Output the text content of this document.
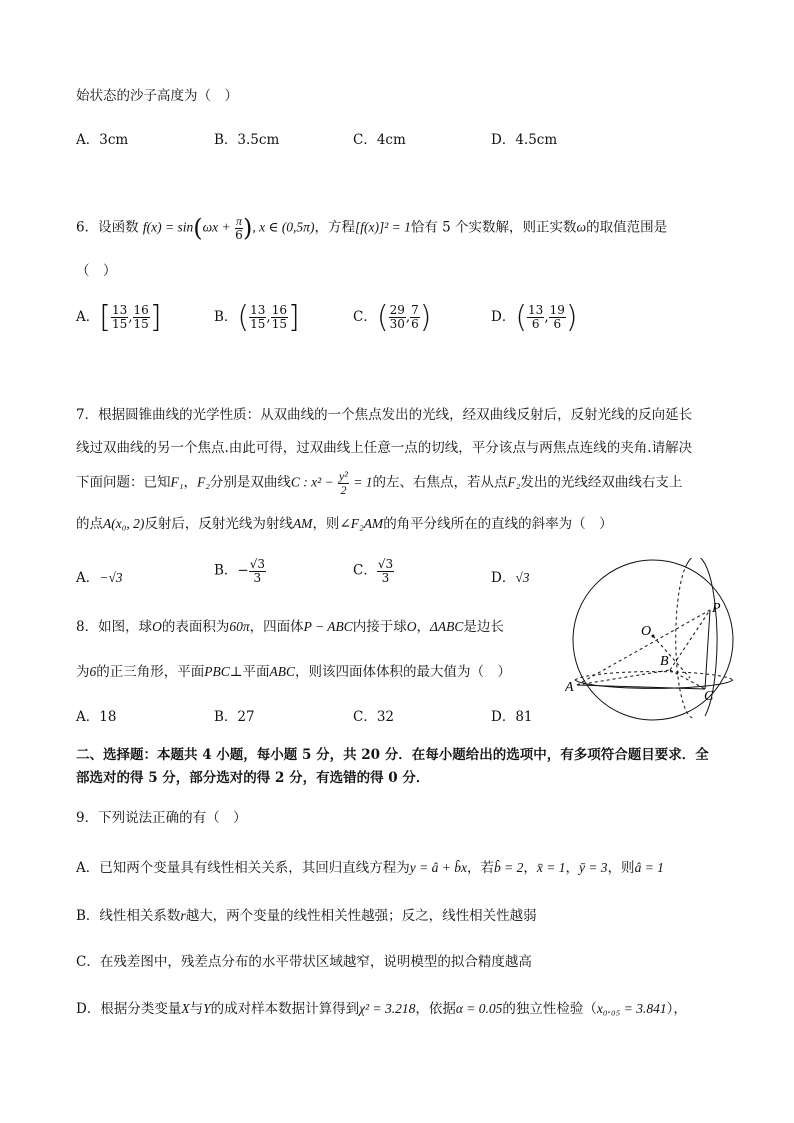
始状态的沙子高度为（　）
A．3cm	B．3.5cm	C．4cm	D．4.5cm
6．设函数 $f(x) = \sin(\omega x + \frac{\pi}{6}$ ), x ∈ (0,5π)，方程[f(x)]² = 1恰有 5 个实数解，则正实数ω的取值范围是
（　）
A．[ $\frac{13}{15}$ , $\frac{16}{15}$ ]	B．( $\frac{13}{15}$ , $\frac{16}{15}$ ]	C．( $\frac{29}{30}$ , $\frac{7}{6}$ )	D．( $\frac{13}{6}$ , $\frac{19}{6}$ )
7．根据圆锥曲线的光学性质：从双曲线的一个焦点发出的光线，经双曲线反射后，反射光线的反向延长
线过双曲线的另一个焦点.由此可得，过双曲线上任意一点的切线，平分该点与两焦点连线的夹角.请解决
下面问题：已知F₁，F₂分别是双曲线C : $x^2 - \frac{\text{y²}}{2} = 1$的左、右焦点，若从点F₂发出的光线经双曲线右支上
的点A(x₀, 2)反射后，反射光线为射线AM，则∠F₂AM的角平分线所在的直线的斜率为（　）
A．−√3	B．− $\frac{√3}{3}$	C． $\frac{√3}{3}$	D．√3
8．如图，球O的表面积为60π，四面体P − ABC内接于球O，ΔABC是边长
为6的正三角形，平面PBC⊥平面ABC，则该四面体体积的最大值为（　）
A．18	B．27	C．32	D．81
P
O
B
A
C
二、选择题：本题共 4 小题，每小题 5 分，共 20 分．在每小题给出的选项中，有多项符合题目要求．全
部选对的得 5 分，部分选对的得 2 分，有选错的得 0 分．
9．下列说法正确的有（　）
A．已知两个变量具有线性相关关系，其回归直线方程为y = â + b̂x，若b̂ = 2，x̄ = 1，ȳ = 3，则â = 1
B．线性相关系数r越大，两个变量的线性相关性越强；反之，线性相关性越弱
C．在残差图中，残差点分布的水平带状区域越窄，说明模型的拟合精度越高
D．根据分类变量X与Y的成对样本数据计算得到χ² = 3.218，依据α = 0.05的独立性检验（x₀.₀₅ = 3.841），
